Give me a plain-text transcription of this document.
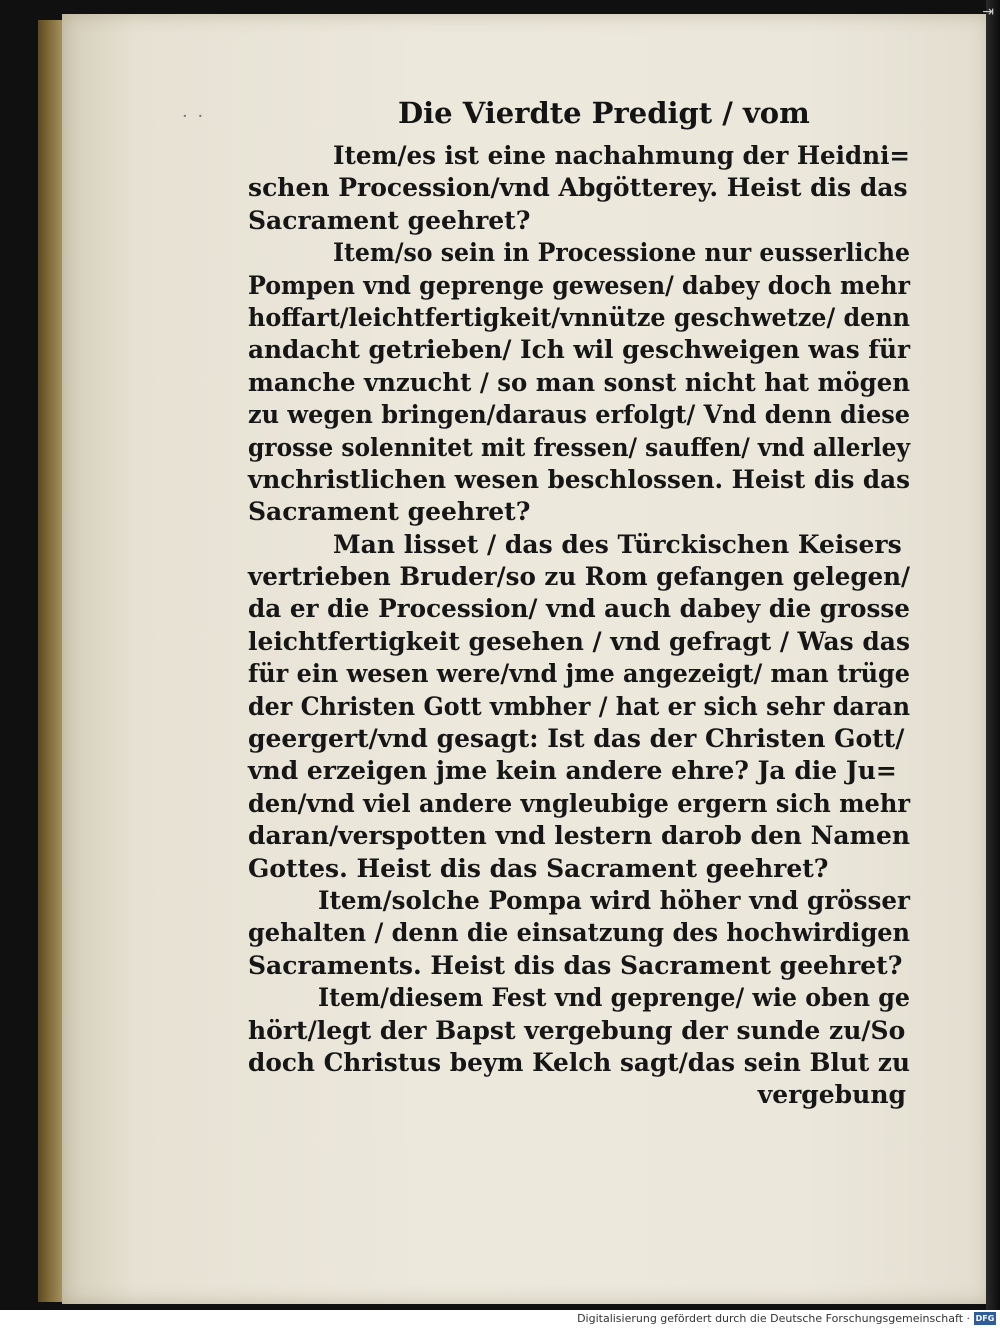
⇥
· ·	Die Vierdte Predigt / vom
Item/es ist eine nachahmung der Heidni=
schen Procession/vnd Abgötterey. Heist dis das
Sacrament geehret?
Item/so sein in Processione nur eusserliche
Pompen vnd geprenge gewesen/ dabey doch mehr
hoffart/leichtfertigkeit/vnnütze geschwetze/ denn
andacht getrieben/ Ich wil geschweigen was für
manche vnzucht / so man sonst nicht hat mögen
zu wegen bringen/daraus erfolgt/ Vnd denn diese
grosse solennitet mit fressen/ sauffen/ vnd allerley
vnchristlichen wesen beschlossen. Heist dis das
Sacrament geehret?
Man lisset / das des Türckischen Keisers
vertrieben Bruder/so zu Rom gefangen gelegen/
da er die Procession/ vnd auch dabey die grosse
leichtfertigkeit gesehen / vnd gefragt / Was das
für ein wesen were/vnd jme angezeigt/ man trüge
der Christen Gott vmbher / hat er sich sehr daran
geergert/vnd gesagt: Ist das der Christen Gott/
vnd erzeigen jme kein andere ehre? Ja die Ju=
den/vnd viel andere vngleubige ergern sich mehr
daran/verspotten vnd lestern darob den Namen
Gottes. Heist dis das Sacrament geehret?
Item/solche Pompa wird höher vnd grösser
gehalten / denn die einsatzung des hochwirdigen
Sacraments. Heist dis das Sacrament geehret?
Item/diesem Fest vnd geprenge/ wie oben ge
hört/legt der Bapst vergebung der sunde zu/So
doch Christus beym Kelch sagt/das sein Blut zu
vergebung
Digitalisierung gefördert durch die Deutsche Forschungsgemeinschaft · DFG
